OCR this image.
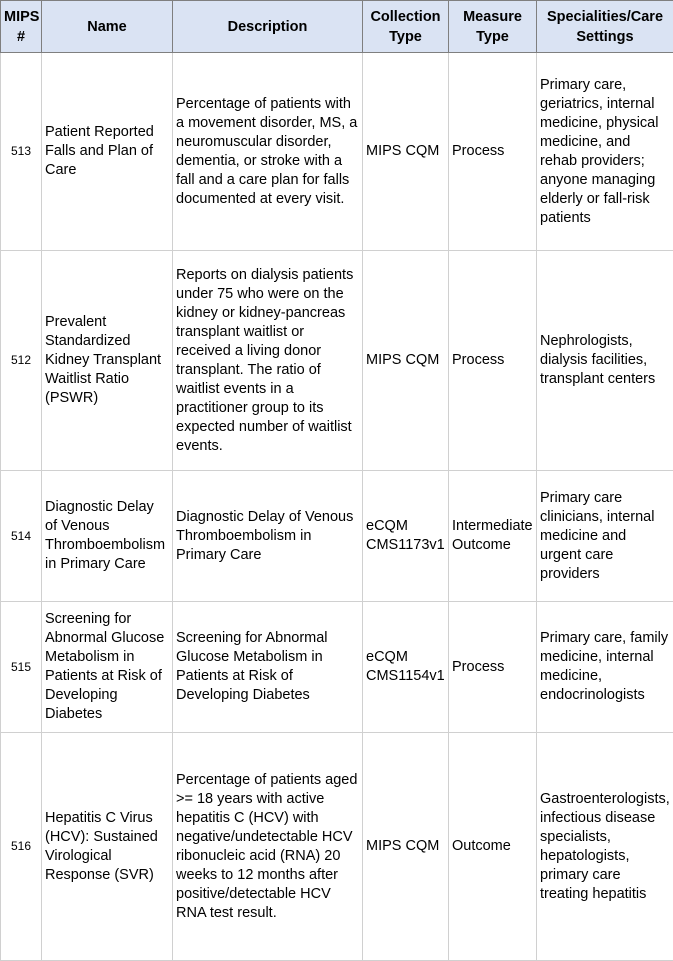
MIPS #	Name	Description	Collection Type	Measure Type	Specialities/Care Settings
513	Patient Reported Falls and Plan of Care	Percentage of patients with a movement disorder, MS, a neuromuscular disorder, dementia, or stroke with a fall and a care plan for falls documented at every visit.	MIPS CQM	Process	Primary care, geriatrics, internal medicine, physical medicine, and rehab providers; anyone managing elderly or fall-risk patients
512	Prevalent Standardized Kidney Transplant Waitlist Ratio (PSWR)	Reports on dialysis patients under 75 who were on the kidney or kidney-pancreas transplant waitlist or received a living donor transplant. The ratio of waitlist events in a practitioner group to its expected number of waitlist events.	MIPS CQM	Process	Nephrologists, dialysis facilities, transplant centers
514	Diagnostic Delay of Venous Thromboembolism in Primary Care	Diagnostic Delay of Venous Thromboembolism in Primary Care	eCQM CMS1173v1	Intermediate Outcome	Primary care clinicians, internal medicine and urgent care providers
515	Screening for Abnormal Glucose Metabolism in Patients at Risk of Developing Diabetes	Screening for Abnormal Glucose Metabolism in Patients at Risk of Developing Diabetes	eCQM CMS1154v1	Process	Primary care, family medicine, internal medicine, endocrinologists
516	Hepatitis C Virus (HCV): Sustained Virological Response (SVR)	Percentage of patients aged >= 18 years with active hepatitis C (HCV) with negative/undetectable HCV ribonucleic acid (RNA) 20 weeks to 12 months after positive/detectable HCV RNA test result.	MIPS CQM	Outcome	Gastroenterologists, infectious disease specialists, hepatologists, primary care treating hepatitis
